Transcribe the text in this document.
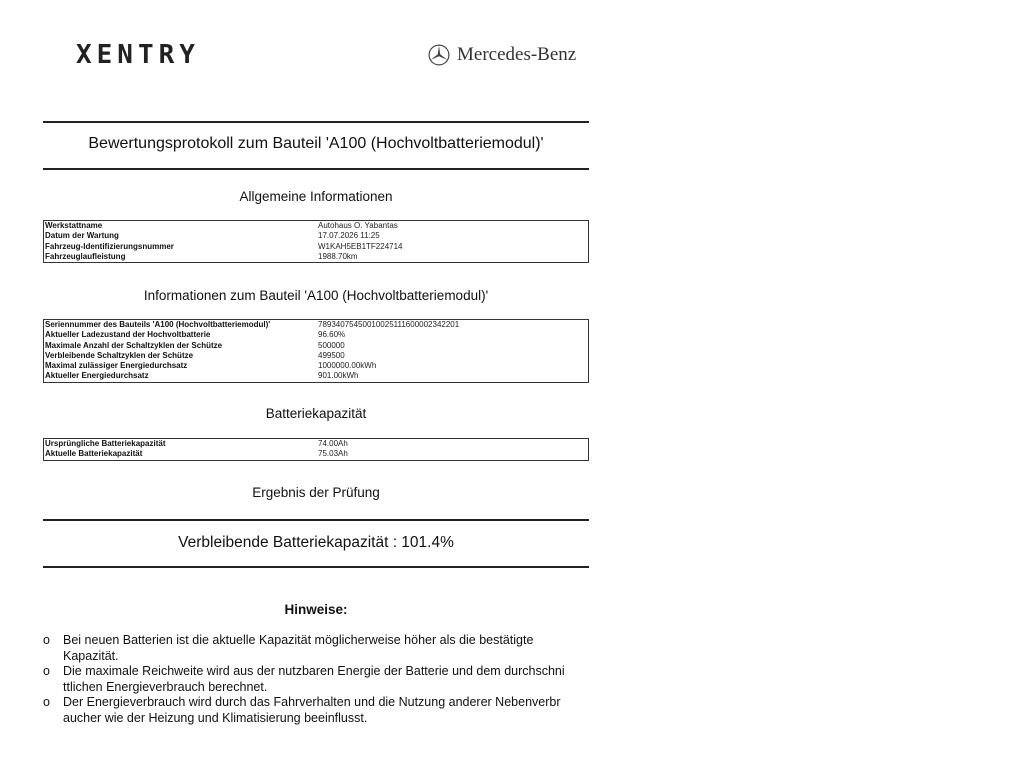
XENTRY	Mercedes-Benz
Bewertungsprotokoll zum Bauteil 'A100 (Hochvoltbatteriemodul)'
Allgemeine Informationen
Werkstattname	Autohaus O. Yabantas
Datum der Wartung	17.07.2026 11:25
Fahrzeug-Identifizierungsnummer	W1KAH5EB1TF224714
Fahrzeuglaufleistung	1988.70km
Informationen zum Bauteil 'A100 (Hochvoltbatteriemodul)'
Seriennummer des Bauteils 'A100 (Hochvoltbatteriemodul)'	789340754500100251116000023422​01
Aktueller Ladezustand der Hochvoltbatterie	96.60%
Maximale Anzahl der Schaltzyklen der Schütze	500000
Verbleibende Schaltzyklen der Schütze	499500
Maximal zulässiger Energiedurchsatz	1000000.00kWh
Aktueller Energiedurchsatz	901.00kWh
Batteriekapazität
Ursprüngliche Batteriekapazität	74.00Ah
Aktuelle Batteriekapazität	75.03Ah
Ergebnis der Prüfung
Verbleibende Batteriekapazität : 101.4%
Hinweise:
o Bei neuen Batterien ist die aktuelle Kapazität möglicherweise höher als die bestätigte Kapazität.
o Die maximale Reichweite wird aus der nutzbaren Energie der Batterie und dem durchschni ttlichen Energieverbrauch berechnet.
o Der Energieverbrauch wird durch das Fahrverhalten und die Nutzung anderer Nebenverbr aucher wie der Heizung und Klimatisierung beeinflusst.
